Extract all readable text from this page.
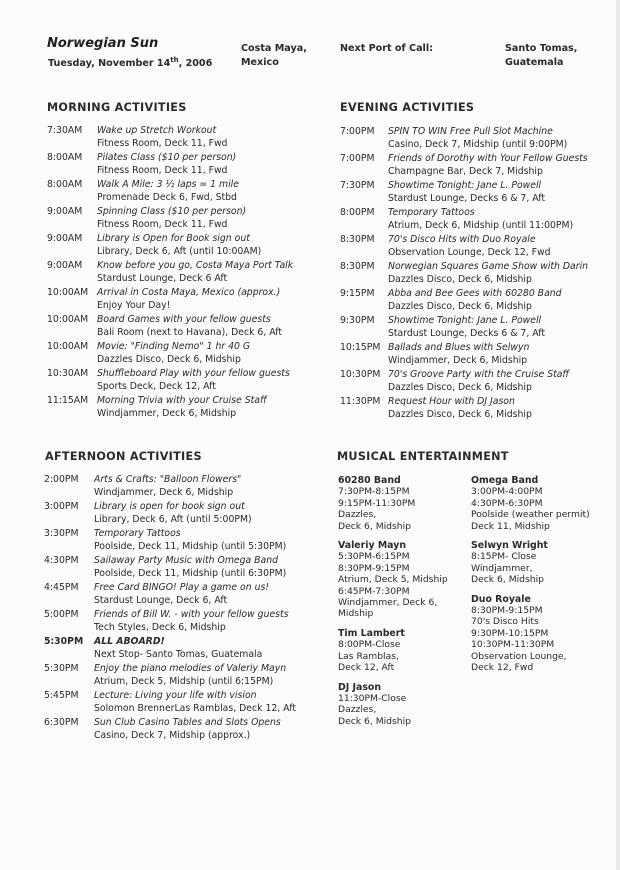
Norwegian Sun
Tuesday, November 14th, 2006
Costa Maya,
Mexico
Next Port of Call:	Santo Tomas,
Guatemala
MORNING ACTIVITIES	EVENING ACTIVITIES
AFTERNOON ACTIVITIES	MUSICAL ENTERTAINMENT
7:30AM Wake up Stretch Workout
Fitness Room, Deck 11, Fwd
8:00AM Pilates Class ($10 per person)
Fitness Room, Deck 11, Fwd
8:00AM Walk A Mile: 3 ½ laps = 1 mile
Promenade Deck 6, Fwd, Stbd
9:00AM Spinning Class ($10 per person)
Fitness Room, Deck 11, Fwd
9:00AM Library is Open for Book sign out
Library, Deck 6, Aft (until 10:00AM)
9:00AM Know before you go, Costa Maya Port Talk
Stardust Lounge, Deck 6 Aft
10:00AM Arrival in Costa Maya, Mexico (approx.)
Enjoy Your Day!
10:00AM Board Games with your fellow guests
Bali Room (next to Havana), Deck 6, Aft
10:00AM Movie: "Finding Nemo" 1 hr 40 G
Dazzles Disco, Deck 6, Midship
10:30AM Shuffleboard Play with your fellow guests
Sports Deck, Deck 12, Aft
11:15AM Morning Trivia with your Cruise Staff
Windjammer, Deck 6, Midship
7:00PM SPIN TO WIN Free Pull Slot Machine
Casino, Deck 7, Midship (until 9:00PM)
7:00PM Friends of Dorothy with Your Fellow Guests
Champagne Bar, Deck 7, Midship
7:30PM Showtime Tonight: Jane L. Powell
Stardust Lounge, Decks 6 & 7, Aft
8:00PM Temporary Tattoos
Atrium, Deck 6, Midship (until 11:00PM)
8:30PM 70's Disco Hits with Duo Royale
Observation Lounge, Deck 12, Fwd
8:30PM Norwegian Squares Game Show with Darin
Dazzles Disco, Deck 6, Midship
9:15PM Abba and Bee Gees with 60280 Band
Dazzles Disco, Deck 6, Midship
9:30PM Showtime Tonight: Jane L. Powell
Stardust Lounge, Decks 6 & 7, Aft
10:15PM Ballads and Blues with Selwyn
Windjammer, Deck 6, Midship
10:30PM 70's Groove Party with the Cruise Staff
Dazzles Disco, Deck 6, Midship
11:30PM Request Hour with DJ Jason
Dazzles Disco, Deck 6, Midship
2:00PM Arts & Crafts: "Balloon Flowers"
Windjammer, Deck 6, Midship
3:00PM Library is open for book sign out
Library, Deck 6, Aft (until 5:00PM)
3:30PM Temporary Tattoos
Poolside, Deck 11, Midship (until 5:30PM)
4:30PM Sailaway Party Music with Omega Band
Poolside, Deck 11, Midship (until 6:30PM)
4:45PM Free Card BINGO! Play a game on us!
Stardust Lounge, Deck 6, Aft
5:00PM Friends of Bill W. - with your fellow guests
Tech Styles, Deck 6, Midship
5:30PM ALL ABOARD!
Next Stop- Santo Tomas, Guatemala
5:30PM Enjoy the piano melodies of Valeriy Mayn
Atrium, Deck 5, Midship (until 6:15PM)
5:45PM Lecture: Living your life with vision
Solomon BrennerLas Ramblas, Deck 12, Aft
6:30PM Sun Club Casino Tables and Slots Opens
Casino, Deck 7, Midship (approx.)
60280 Band
7:30PM-8:15PM
9:15PM-11:30PM
Dazzles,
Deck 6, Midship
Valeriy Mayn
5:30PM-6:15PM
8:30PM-9:15PM
Atrium, Deck 5, Midship
6:45PM-7:30PM
Windjammer, Deck 6,
Midship
Tim Lambert
8:00PM-Close
Las Ramblas,
Deck 12, Aft
DJ Jason
11:30PM-Close
Dazzles,
Deck 6, Midship
Omega Band
3:00PM-4:00PM
4:30PM-6:30PM
Poolside (weather permit)
Deck 11, Midship
Selwyn Wright
8:15PM- Close
Windjammer,
Deck 6, Midship
Duo Royale
8:30PM-9:15PM
70's Disco Hits
9:30PM-10:15PM
10:30PM-11:30PM
Observation Lounge,
Deck 12, Fwd
